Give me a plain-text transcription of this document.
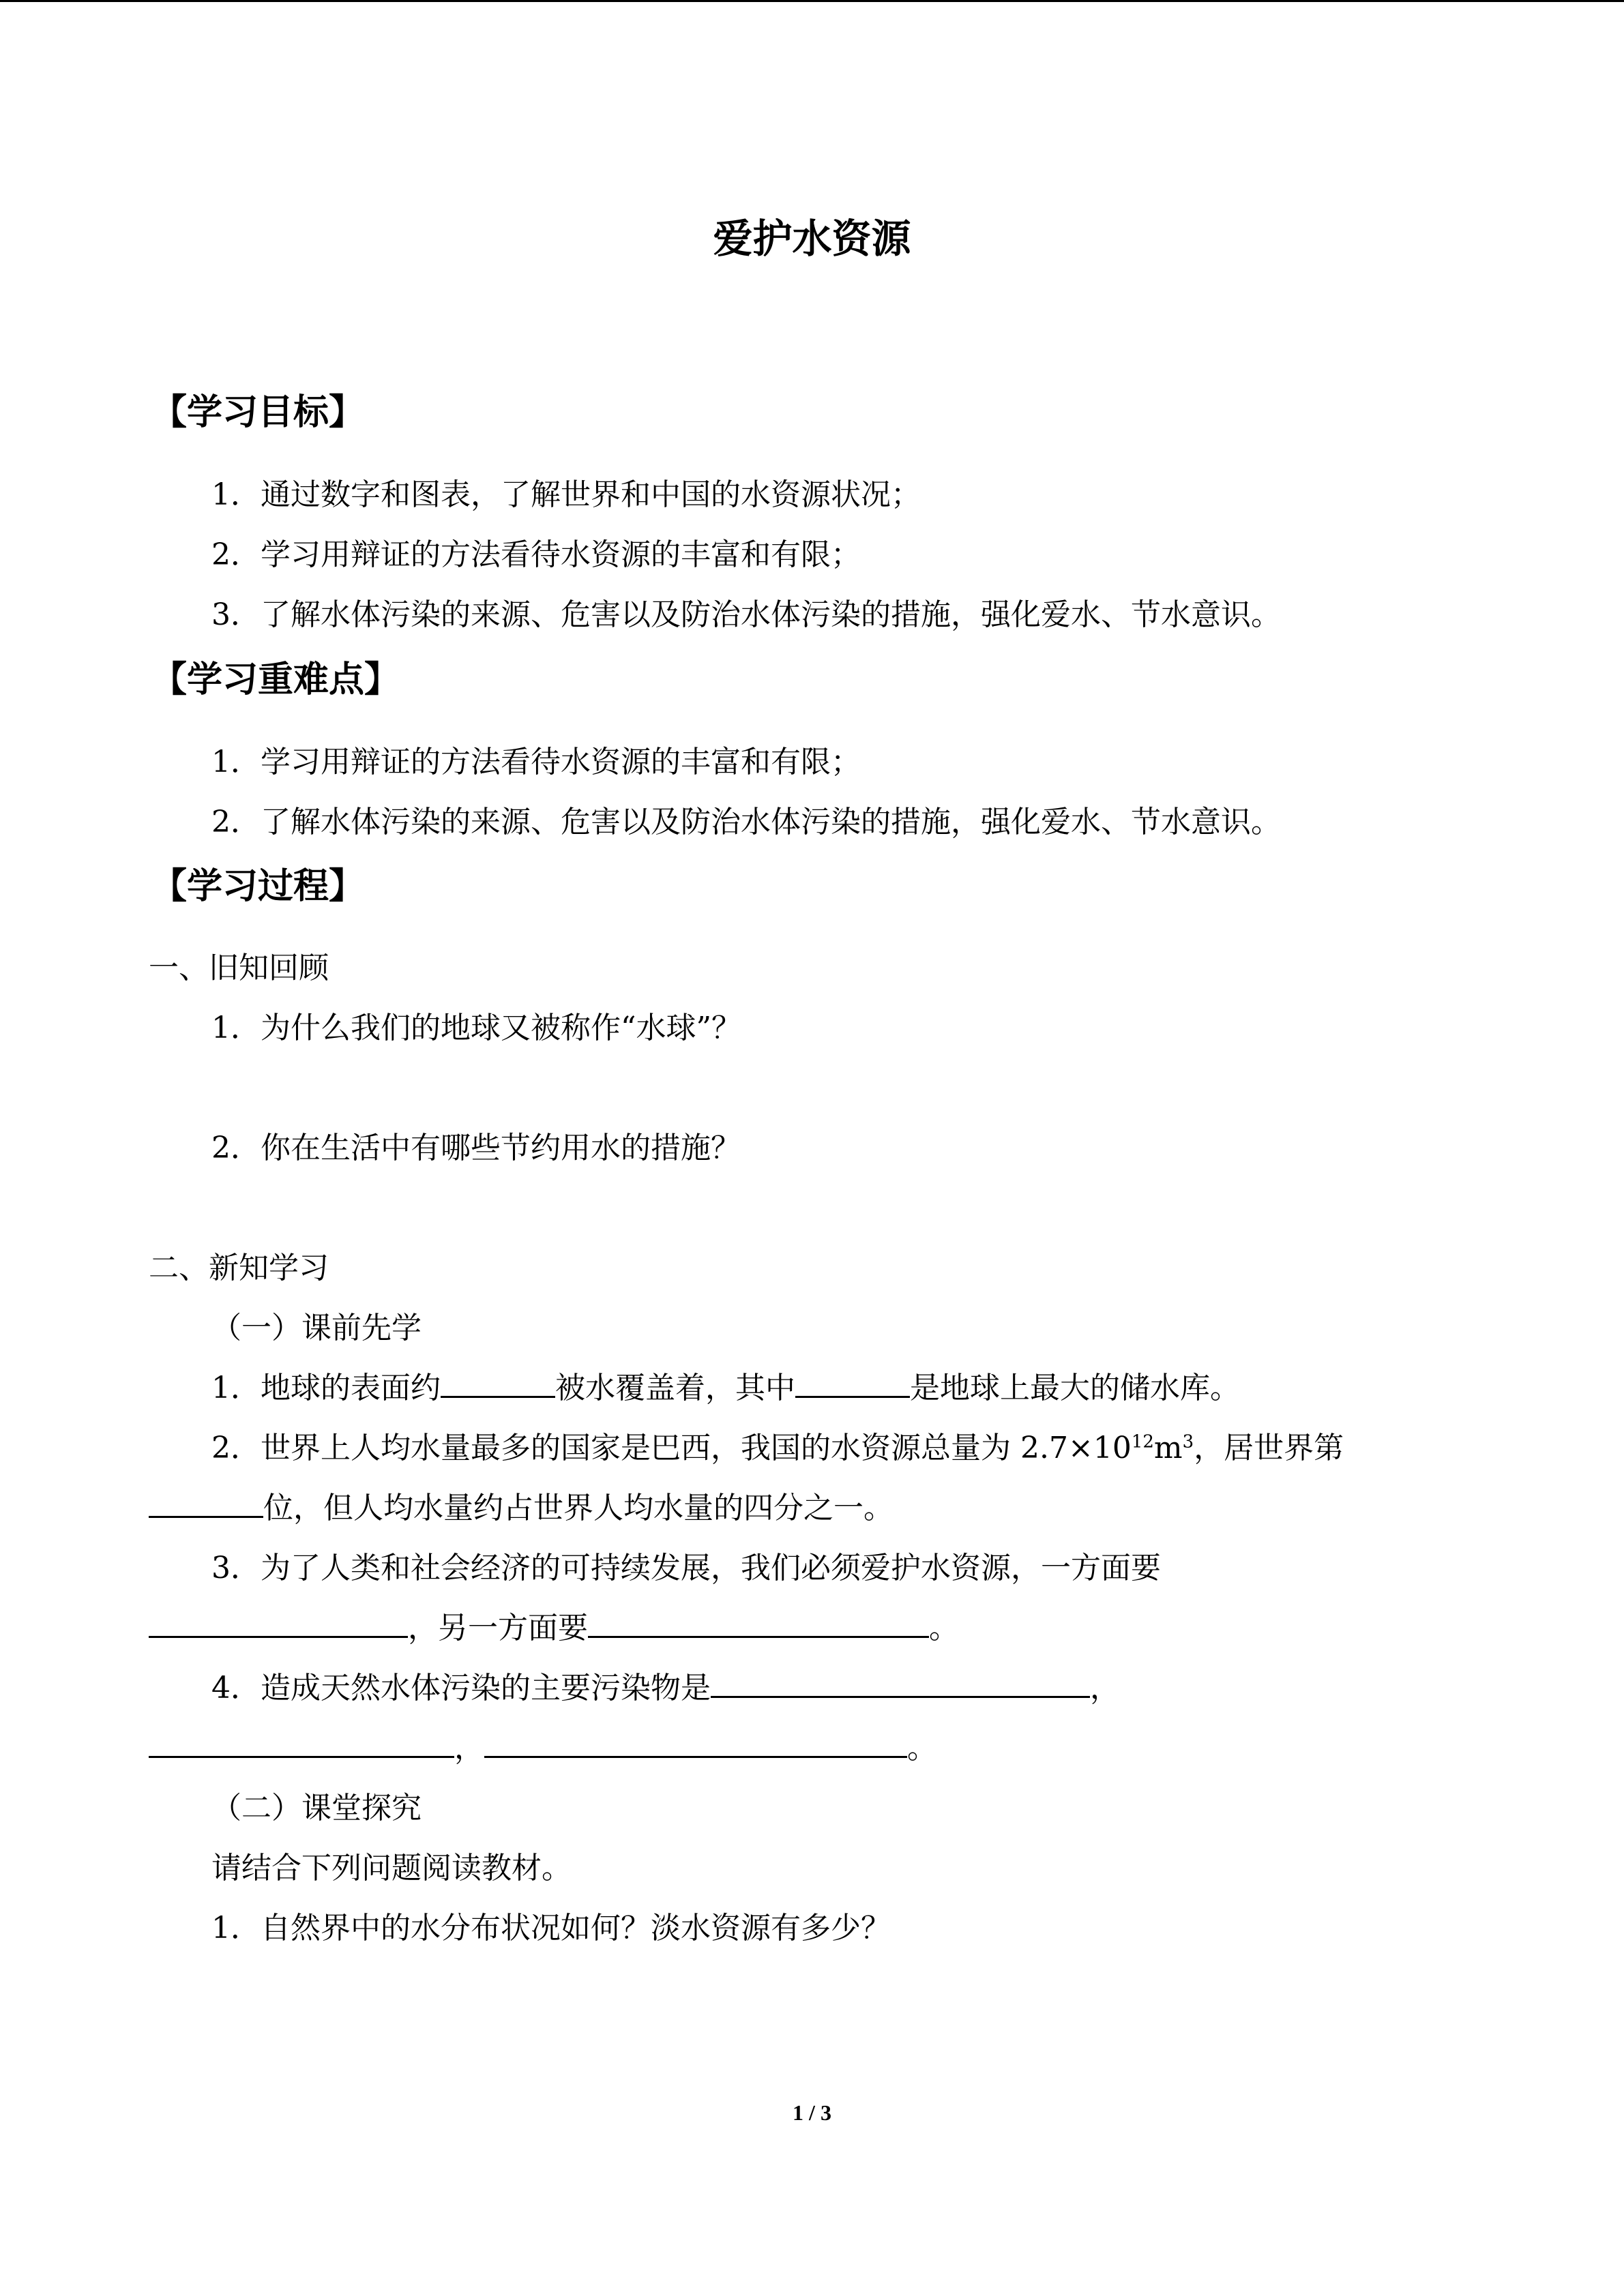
爱护水资源
【学习目标】

1．通过数字和图表，了解世界和中国的水资源状况；

2．学习用辩证的方法看待水资源的丰富和有限；

3．了解水体污染的来源、危害以及防治水体污染的措施，强化爱水、节水意识。

【学习重难点】

1．学习用辩证的方法看待水资源的丰富和有限；

2．了解水体污染的来源、危害以及防治水体污染的措施，强化爱水、节水意识。

【学习过程】

一、旧知回顾

1．为什么我们的地球又被称作“水球”？

2．你在生活中有哪些节约用水的措施？

二、新知学习

（一）课前先学

1．地球的表面约	被水覆盖着，其中	是地球上最大的储水库。

2．世界上人均水量最多的国家是巴西，我国的水资源总量为 $2.7\times 10^{12}m^3$，居世界第

位，但人均水量约占世界人均水量的四分之一。

3．为了人类和社会经济的可持续发展，我们必须爱护水资源，一方面要

，另一方面要	。

4．造成天然水体污染的主要污染物是	，

，	。

（二）课堂探究

请结合下列问题阅读教材。

1．自然界中的水分布状况如何？淡水资源有多少？

1 / 3
